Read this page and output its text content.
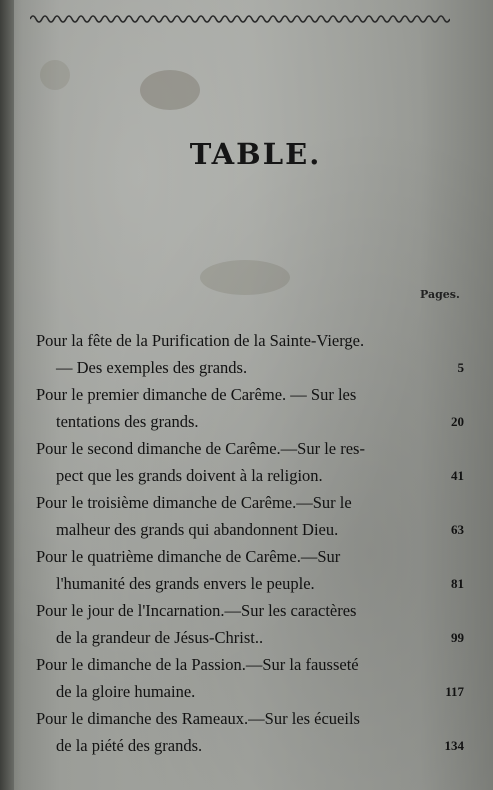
TABLE.
Pages.
Pour la fête de la Purification de la Sainte-Vierge.
— Des exemples des grands.	5
Pour le premier dimanche de Carême. — Sur les
tentations des grands.	20
Pour le second dimanche de Carême.—Sur le res-
pect que les grands doivent à la religion.	41
Pour le troisième dimanche de Carême.—Sur le
malheur des grands qui abandonnent Dieu.	63
Pour le quatrième dimanche de Carême.—Sur
l'humanité des grands envers le peuple.	81
Pour le jour de l'Incarnation.—Sur les caractères
de la grandeur de Jésus-Christ..	99
Pour le dimanche de la Passion.—Sur la fausseté
de la gloire humaine.	117
Pour le dimanche des Rameaux.—Sur les écueils
de la piété des grands.	134
